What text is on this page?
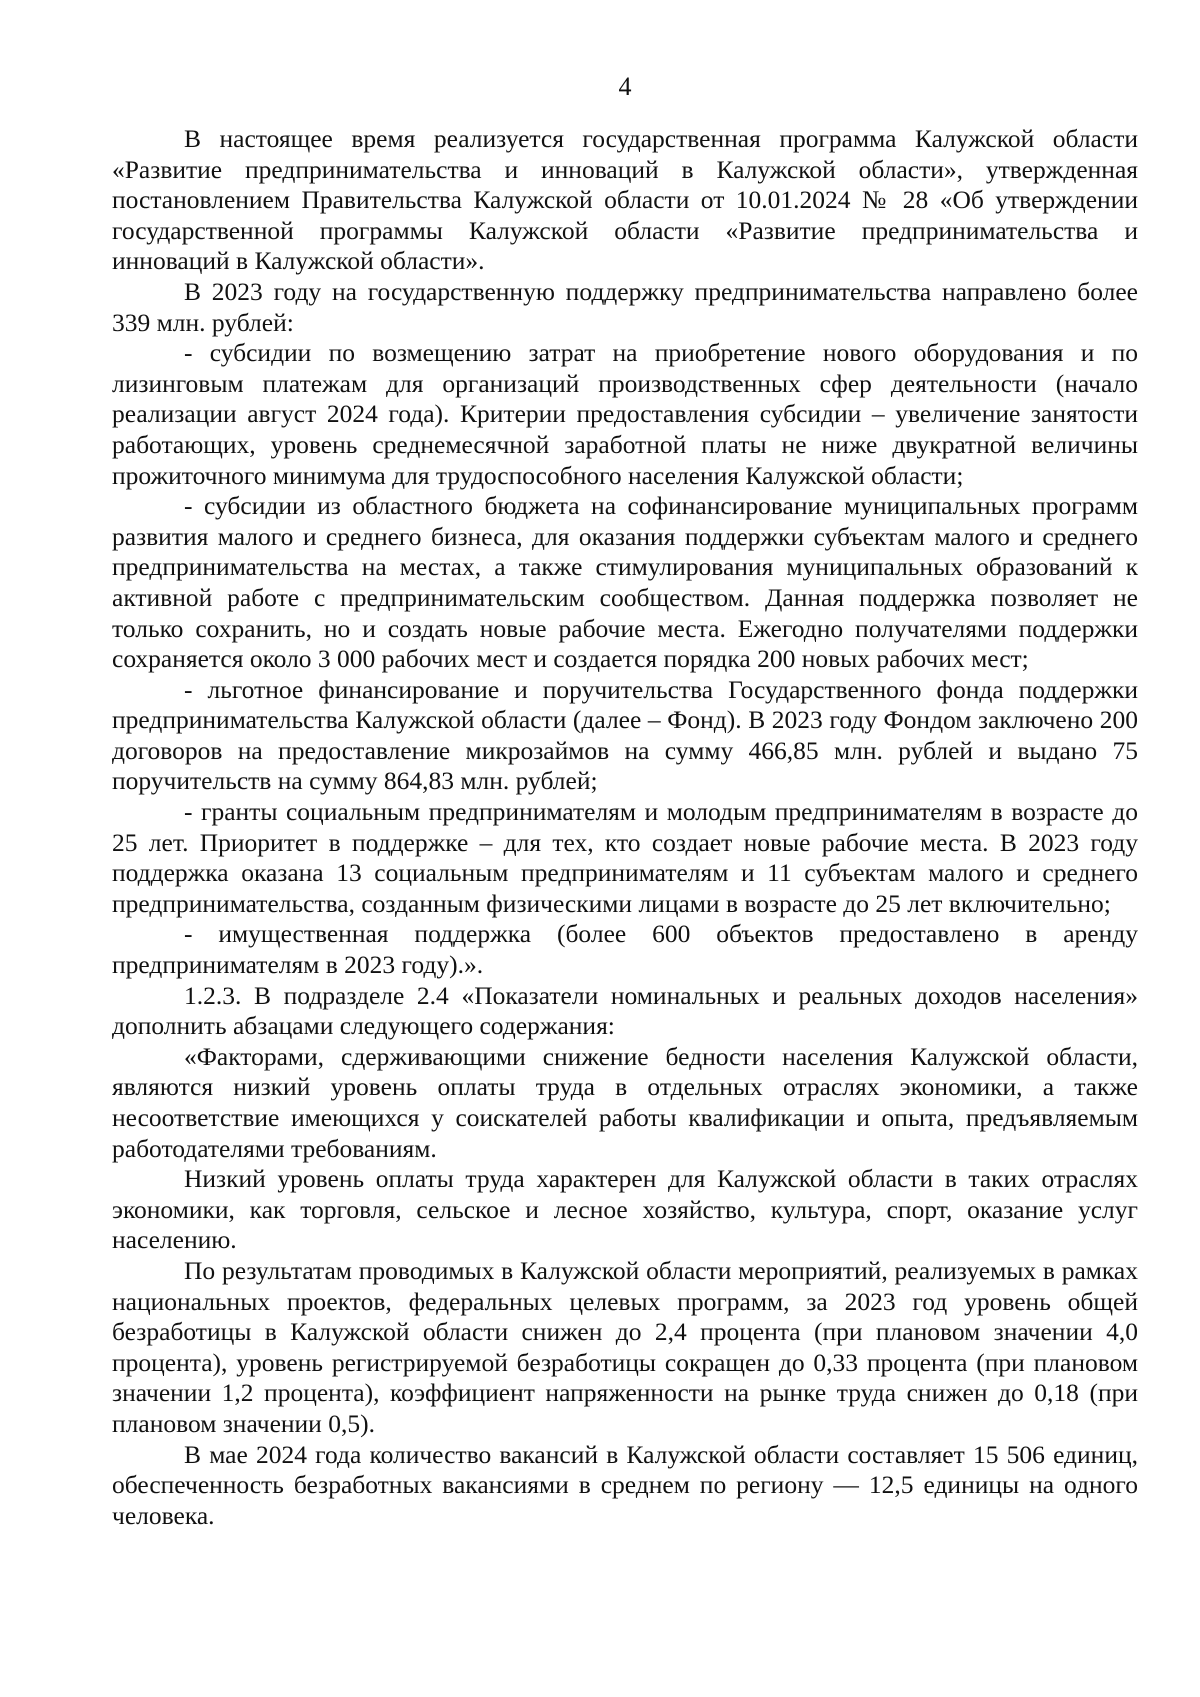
4

В настоящее время реализуется государственная программа Калужской области «Развитие предпринимательства и инноваций в Калужской области», утвержденная постановлением Правительства Калужской области от 10.01.2024 № 28 «Об утверждении государственной программы Калужской области «Развитие предпринимательства и инноваций в Калужской области».

В 2023 году на государственную поддержку предпринимательства направлено более 339 млн. рублей:

- субсидии по возмещению затрат на приобретение нового оборудования и по лизинговым платежам для организаций производственных сфер деятельности (начало реализации август 2024 года). Критерии предоставления субсидии – увеличение занятости работающих, уровень среднемесячной заработной платы не ниже двукратной величины прожиточного минимума для трудоспособного населения Калужской области;

- субсидии из областного бюджета на софинансирование муниципальных программ развития малого и среднего бизнеса, для оказания поддержки субъектам малого и среднего предпринимательства на местах, а также стимулирования муниципальных образований к активной работе с предпринимательским сообществом. Данная поддержка позволяет не только сохранить, но и создать новые рабочие места. Ежегодно получателями поддержки сохраняется около 3 000 рабочих мест и создается порядка 200 новых рабочих мест;

- льготное финансирование и поручительства Государственного фонда поддержки предпринимательства Калужской области (далее – Фонд). В 2023 году Фондом заключено 200 договоров на предоставление микрозаймов на сумму 466,85 млн. рублей и выдано 75 поручительств на сумму 864,83 млн. рублей;

- гранты социальным предпринимателям и молодым предпринимателям в возрасте до 25 лет. Приоритет в поддержке – для тех, кто создает новые рабочие места. В 2023 году поддержка оказана 13 социальным предпринимателям и 11 субъектам малого и среднего предпринимательства, созданным физическими лицами в возрасте до 25 лет включительно;

- имущественная поддержка (более 600 объектов предоставлено в аренду предпринимателям в 2023 году).».

1.2.3. В подразделе 2.4 «Показатели номинальных и реальных доходов населения» дополнить абзацами следующего содержания:

«Факторами, сдерживающими снижение бедности населения Калужской области, являются низкий уровень оплаты труда в отдельных отраслях экономики, а также несоответствие имеющихся у соискателей работы квалификации и опыта, предъявляемым работодателями требованиям.

Низкий уровень оплаты труда характерен для Калужской области в таких отраслях экономики, как торговля, сельское и лесное хозяйство, культура, спорт, оказание услуг населению.

По результатам проводимых в Калужской области мероприятий, реализуемых в рамках национальных проектов, федеральных целевых программ, за 2023 год уровень общей безработицы в Калужской области снижен до 2,4 процента (при плановом значении 4,0 процента), уровень регистрируемой безработицы сокращен до 0,33 процента (при плановом значении 1,2 процента), коэффициент напряженности на рынке труда снижен до 0,18 (при плановом значении 0,5).

В мае 2024 года количество вакансий в Калужской области составляет 15 506 единиц, обеспеченность безработных вакансиями в среднем по региону — 12,5 единицы на одного человека.
